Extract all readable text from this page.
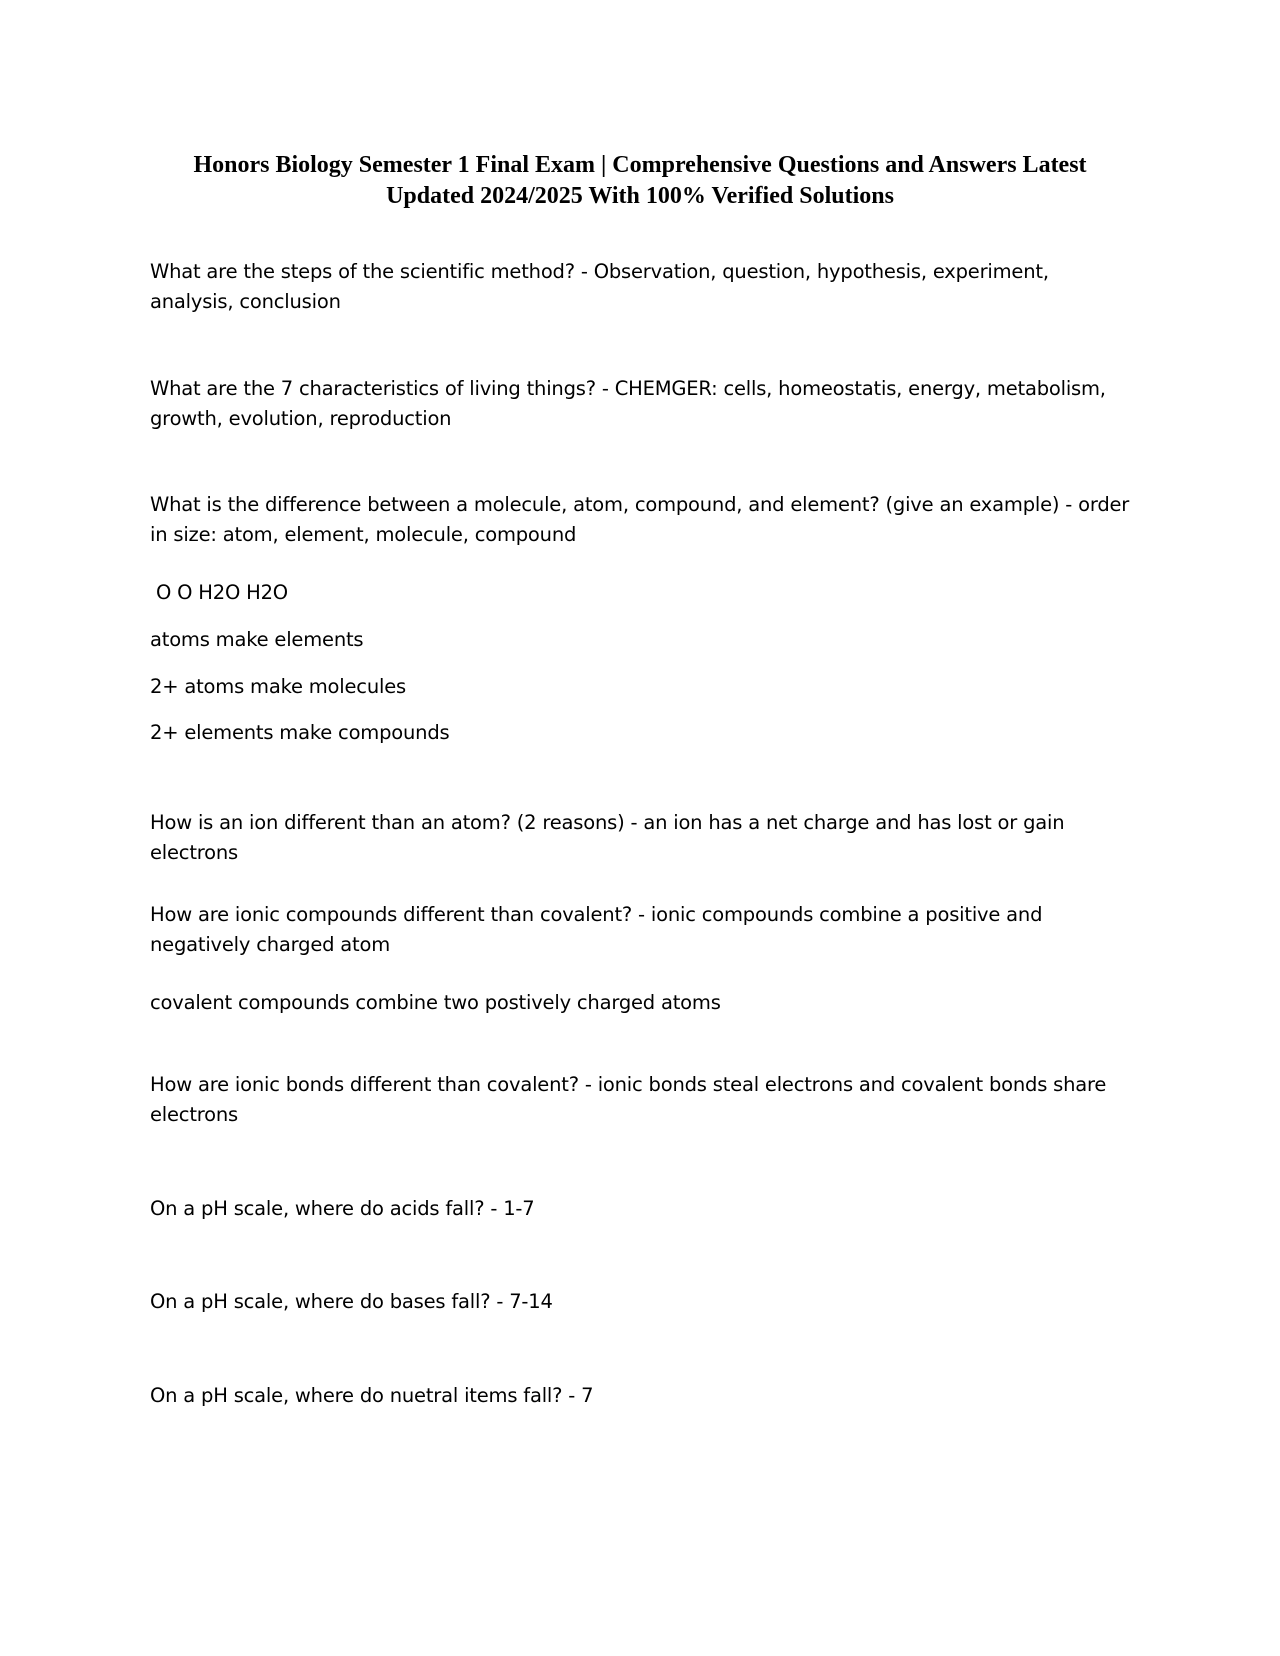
Honors Biology Semester 1 Final Exam | Comprehensive Questions and Answers Latest Updated 2024/2025 With 100% Verified Solutions

What are the steps of the scientific method? - Observation, question, hypothesis, experiment, analysis, conclusion

What are the 7 characteristics of living things? - CHEMGER: cells, homeostatis, energy, metabolism, growth, evolution, reproduction

What is the difference between a molecule, atom, compound, and element? (give an example) - order in size: atom, element, molecule, compound

O O H2O H2O

atoms make elements

2+ atoms make molecules

2+ elements make compounds

How is an ion different than an atom? (2 reasons) - an ion has a net charge and has lost or gain electrons

How are ionic compounds different than covalent? - ionic compounds combine a positive and negatively charged atom

covalent compounds combine two postively charged atoms

How are ionic bonds different than covalent? - ionic bonds steal electrons and covalent bonds share electrons

On a pH scale, where do acids fall? - 1-7

On a pH scale, where do bases fall? - 7-14

On a pH scale, where do nuetral items fall? - 7
